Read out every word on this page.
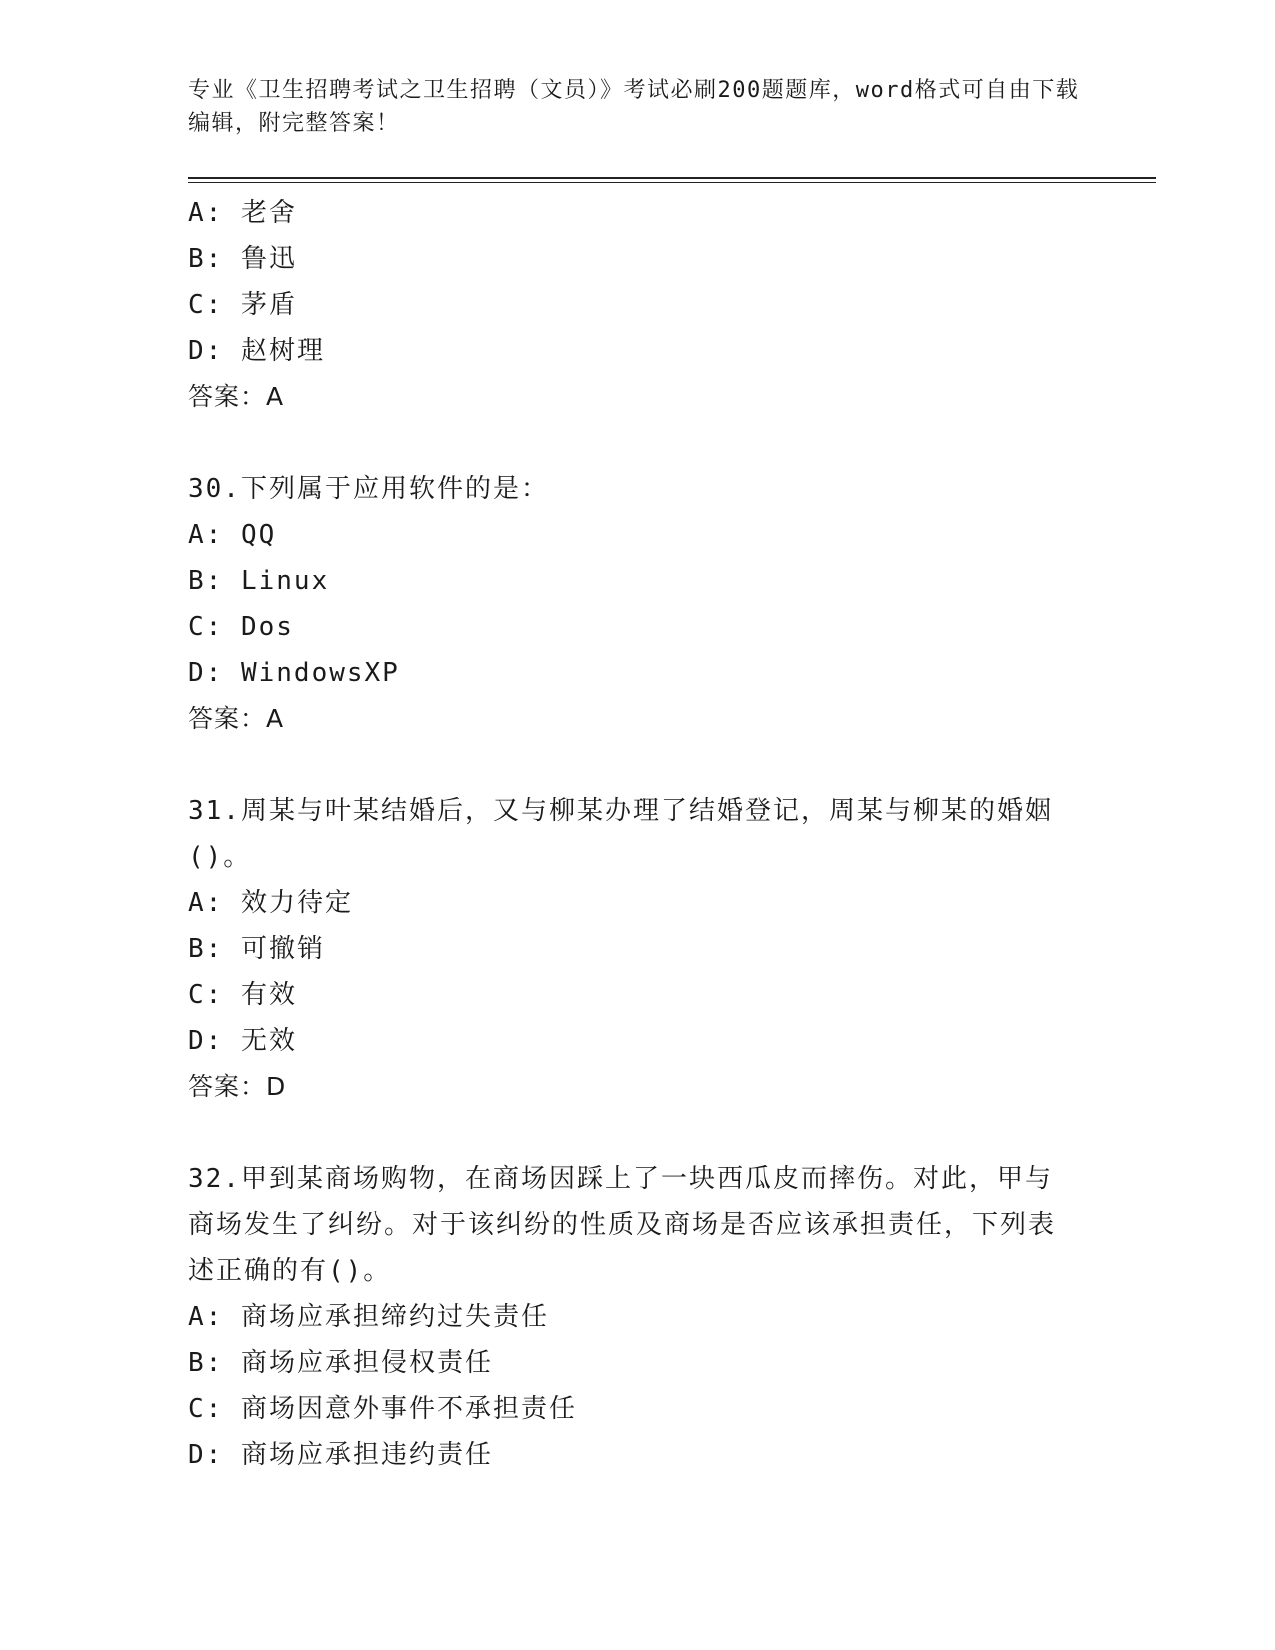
专业《卫生招聘考试之卫生招聘（文员）》考试必刷200题题库，word格式可自由下载编辑，附完整答案！
A: 老舍
B: 鲁迅
C: 茅盾
D: 赵树理
答案：A
30.下列属于应用软件的是：
A: QQ
B: Linux
C: Dos
D: WindowsXP
答案：A
31.周某与叶某结婚后，又与柳某办理了结婚登记，周某与柳某的婚姻()。
A: 效力待定
B: 可撤销
C: 有效
D: 无效
答案：D
32.甲到某商场购物，在商场因踩上了一块西瓜皮而摔伤。对此，甲与商场发生了纠纷。对于该纠纷的性质及商场是否应该承担责任，下列表述正确的有()。
A: 商场应承担缔约过失责任
B: 商场应承担侵权责任
C: 商场因意外事件不承担责任
D: 商场应承担违约责任
